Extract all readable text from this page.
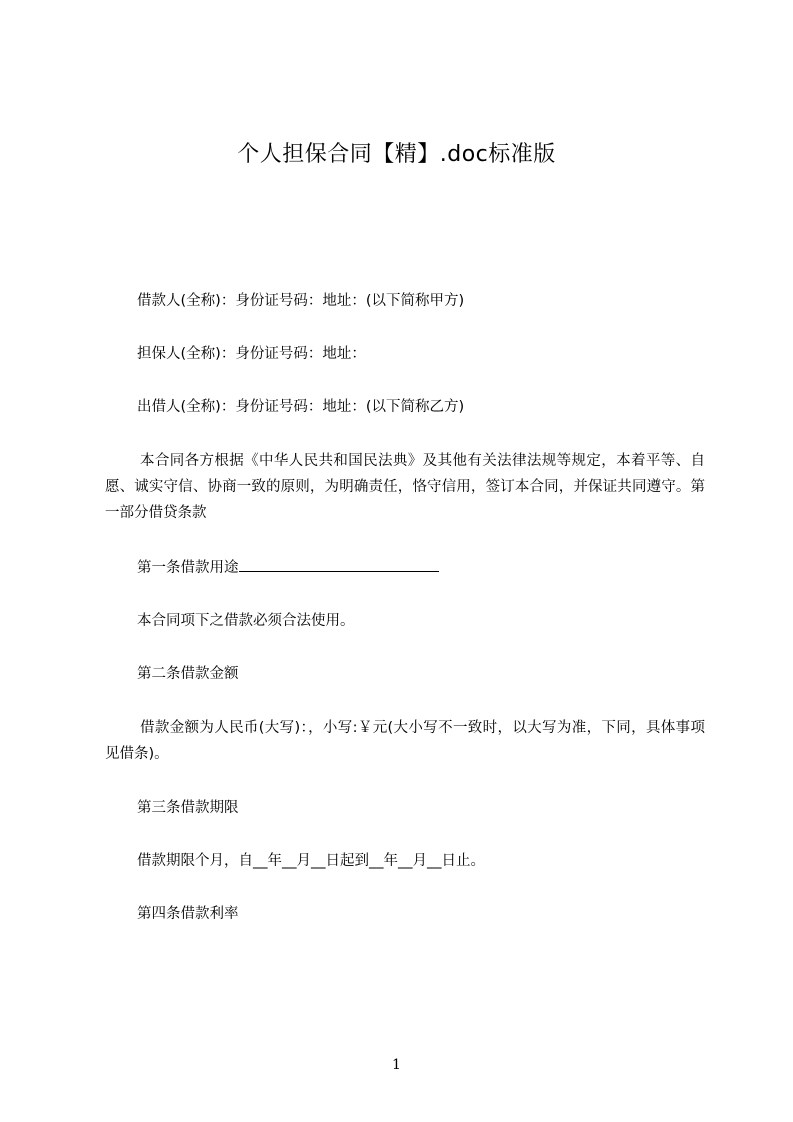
个人担保合同【精】.doc标准版

借款人(全称)：身份证号码：地址：(以下简称甲方)

担保人(全称)：身份证号码：地址：

出借人(全称)：身份证号码：地址：(以下简称乙方)

本合同各方根据《中华人民共和国民法典》及其他有关法律法规等规定，本着平等、自愿、诚实守信、协商一致的原则，为明确责任，恪守信用，签订本合同，并保证共同遵守。第一部分借贷条款

第一条借款用途

本合同项下之借款必须合法使用。

第二条借款金额

借款金额为人民币(大写)：，小写:￥元(大小写不一致时，以大写为准，下同，具体事项见借条)。

第三条借款期限

借款期限个月，自__年__月__日起到__年__月__日止。

第四条借款利率

1
